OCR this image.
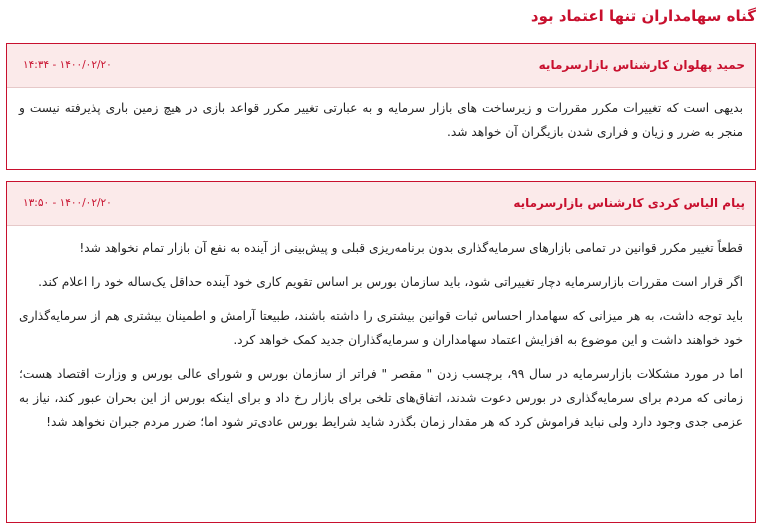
گناه سهامداران تنها اعتماد بود
حمید پهلوان کارشناس بازارسرمایه
۱۴۰۰/۰۲/۲۰ - ۱۴:۳۴

بدیهی است که تغییرات مکرر مقررات و زیرساخت های بازار سرمایه و به عبارتی تغییر مکرر قواعد بازی در هیچ زمین باری پذیرفته نیست و منجر به ضرر و زیان و فراری شدن بازیگران آن خواهد شد.

پیام الیاس کردی کارشناس بازارسرمایه
۱۴۰۰/۰۲/۲۰ - ۱۳:۵۰

قطعاً تغییر مکرر قوانین در تمامی بازارهای سرمایه‌گذاری بدون برنامه‌ریزی قبلی و پیش‌بینی از آینده به نفع آن بازار تمام نخواهد شد!

اگر قرار است مقررات بازارسرمایه دچار تغییراتی شود، باید سازمان بورس بر اساس تقویم کاری خود آینده حداقل یک‌ساله خود را اعلام کند.

باید توجه داشت، به هر میزانی که سهامدار احساس ثبات قوانین بیشتری را داشته باشند، طبیعتا آرامش و اطمینان بیشتری هم از سرمایه‌گذاری خود خواهند داشت و این موضوع به افزایش اعتماد سهامداران و سرمایه‌گذاران جدید کمک خواهد کرد.

اما در مورد مشکلات بازارسرمایه در سال ۹۹، برچسب زدن " مقصر " فراتر از سازمان بورس و شورای عالی بورس و وزارت اقتصاد هست؛ زمانی که مردم برای سرمایه‌گذاری در بورس دعوت شدند، اتفاق‌های تلخی برای بازار رخ داد و برای اینکه بورس از این بحران عبور کند، نیاز به عزمی جدی وجود دارد ولی نباید فراموش کرد که هر مقدار زمان بگذرد شاید شرایط بورس عادی‌تر شود اما؛ ضرر مردم جبران نخواهد شد!
